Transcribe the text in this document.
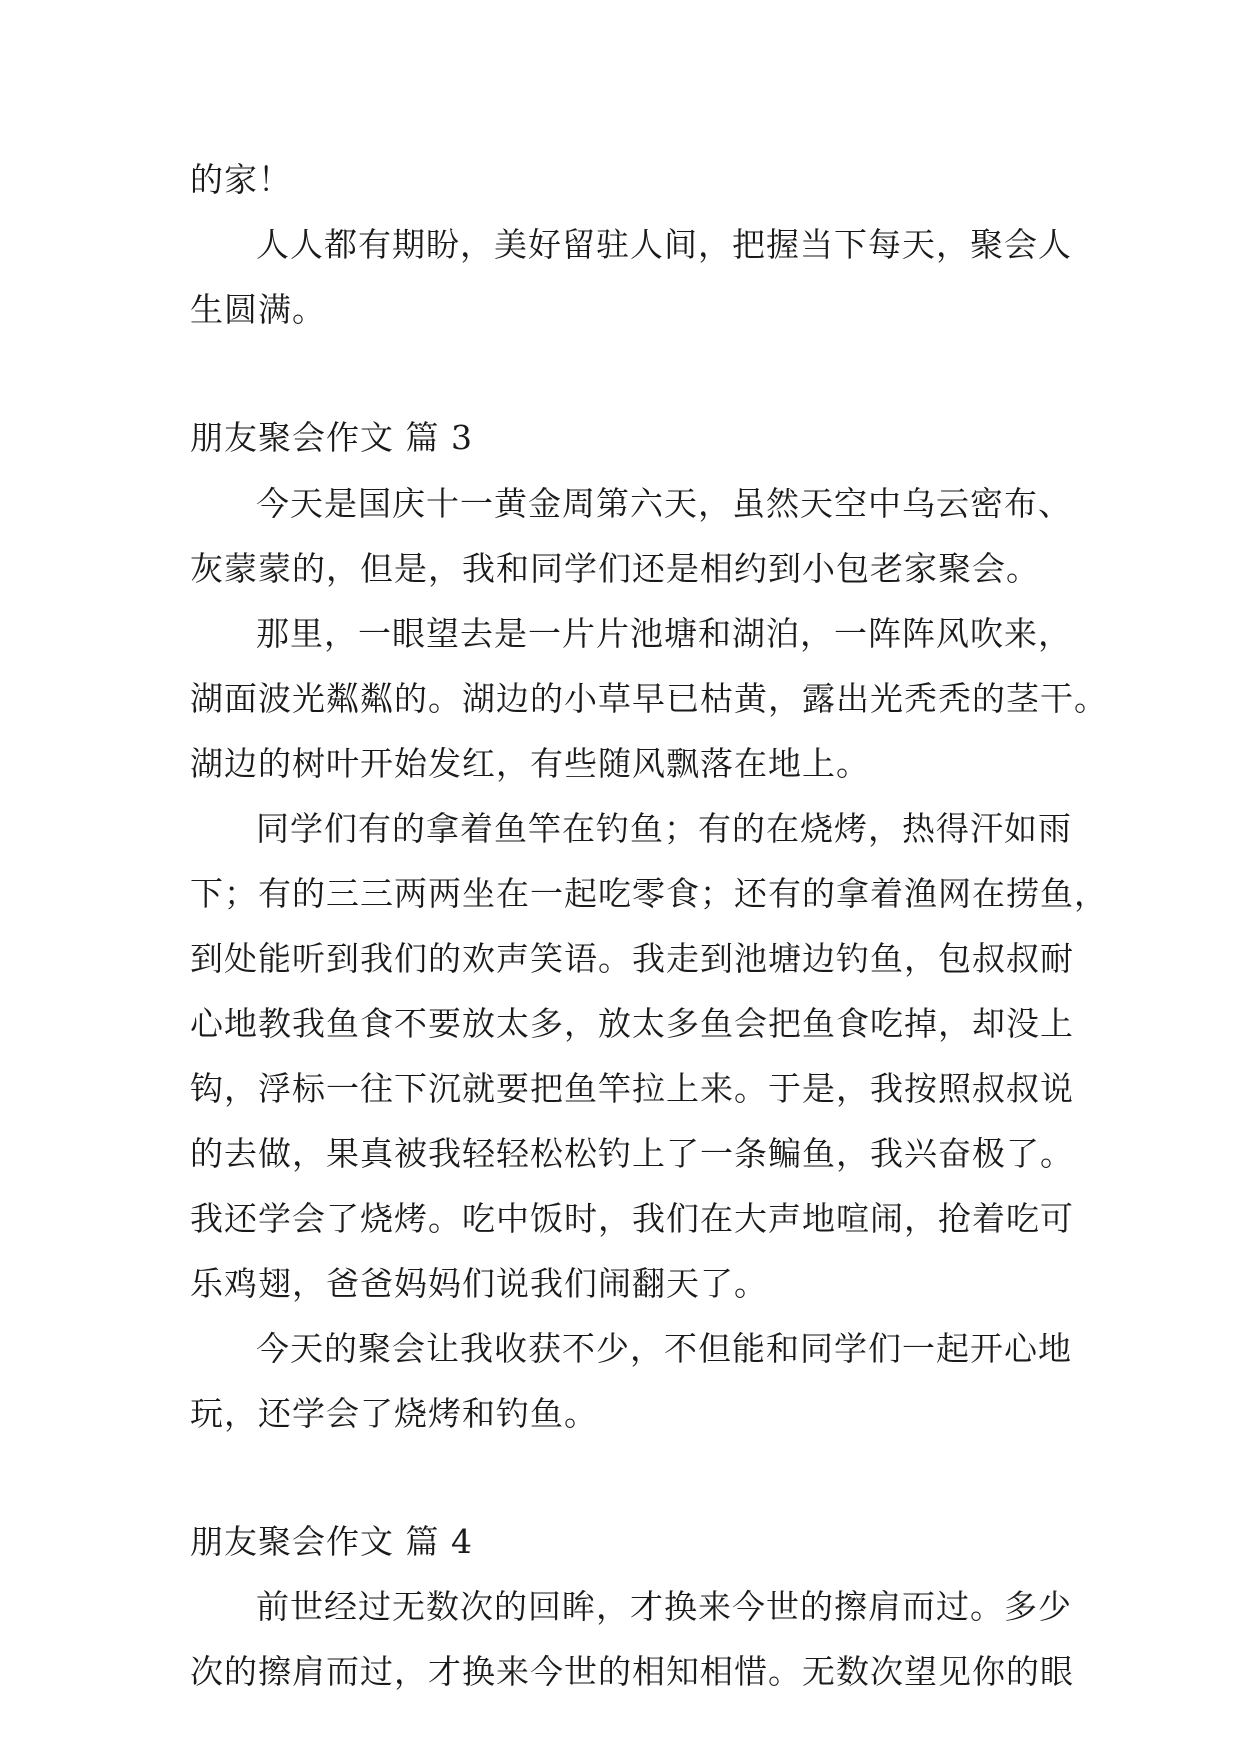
的家！
人人都有期盼，美好留驻人间，把握当下每天，聚会人
生圆满。
朋友聚会作文 篇 3
今天是国庆十一黄金周第六天，虽然天空中乌云密布、
灰蒙蒙的，但是，我和同学们还是相约到小包老家聚会。
那里，一眼望去是一片片池塘和湖泊，一阵阵风吹来，
湖面波光粼粼的。湖边的小草早已枯黄，露出光秃秃的茎干。
湖边的树叶开始发红，有些随风飘落在地上。
同学们有的拿着鱼竿在钓鱼；有的在烧烤，热得汗如雨
下；有的三三两两坐在一起吃零食；还有的拿着渔网在捞鱼，
到处能听到我们的欢声笑语。我走到池塘边钓鱼，包叔叔耐
心地教我鱼食不要放太多，放太多鱼会把鱼食吃掉，却没上
钩，浮标一往下沉就要把鱼竿拉上来。于是，我按照叔叔说
的去做，果真被我轻轻松松钓上了一条鳊鱼，我兴奋极了。
我还学会了烧烤。吃中饭时，我们在大声地喧闹，抢着吃可
乐鸡翅，爸爸妈妈们说我们闹翻天了。
今天的聚会让我收获不少，不但能和同学们一起开心地
玩，还学会了烧烤和钓鱼。
朋友聚会作文 篇 4
前世经过无数次的回眸，才换来今世的擦肩而过。多少
次的擦肩而过，才换来今世的相知相惜。无数次望见你的眼
